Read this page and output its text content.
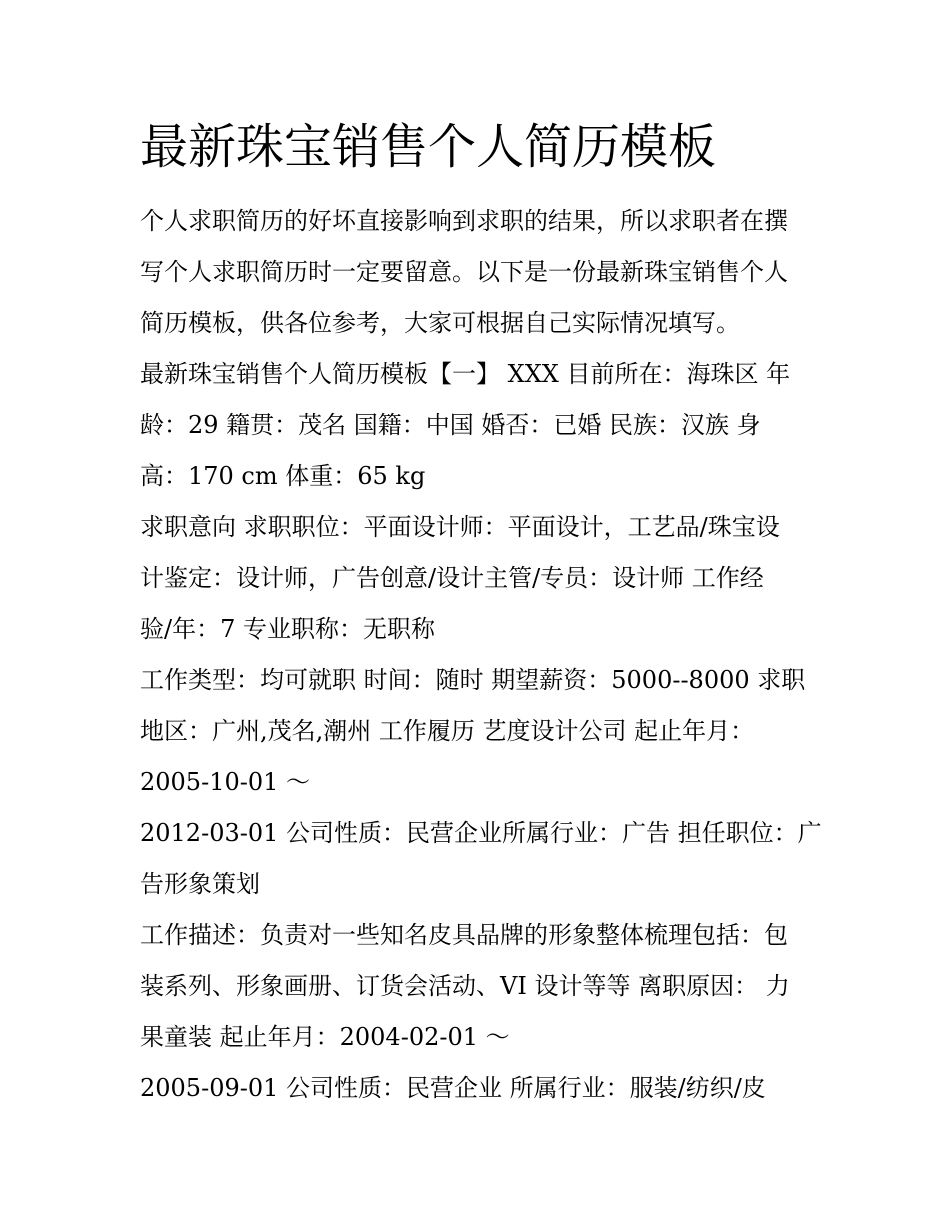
最新珠宝销售个人简历模板

个人求职简历的好坏直接影响到求职的结果，所以求职者在撰

写个人求职简历时一定要留意。以下是一份最新珠宝销售个人

简历模板，供各位参考，大家可根据自己实际情况填写。

最新珠宝销售个人简历模板【一】 XXX 目前所在：海珠区 年

龄：29 籍贯：茂名 国籍：中国 婚否：已婚 民族：汉族 身

高：170 cm 体重：65 kg

求职意向 求职职位：平面设计师：平面设计，工艺品/珠宝设

计鉴定：设计师，广告创意/设计主管/专员：设计师 工作经

验/年：7 专业职称：无职称

工作类型：均可就职 时间：随时 期望薪资：5000--8000 求职

地区：广州,茂名,潮州 工作履历 艺度设计公司 起止年月：

2005-10-01 ～

2012-03-01 公司性质：民营企业所属行业：广告 担任职位：广

告形象策划

工作描述：负责对一些知名皮具品牌的形象整体梳理包括：包

装系列、形象画册、订货会活动、VI 设计等等 离职原因： 力

果童装 起止年月：2004-02-01 ～

2005-09-01 公司性质：民营企业 所属行业：服装/纺织/皮
